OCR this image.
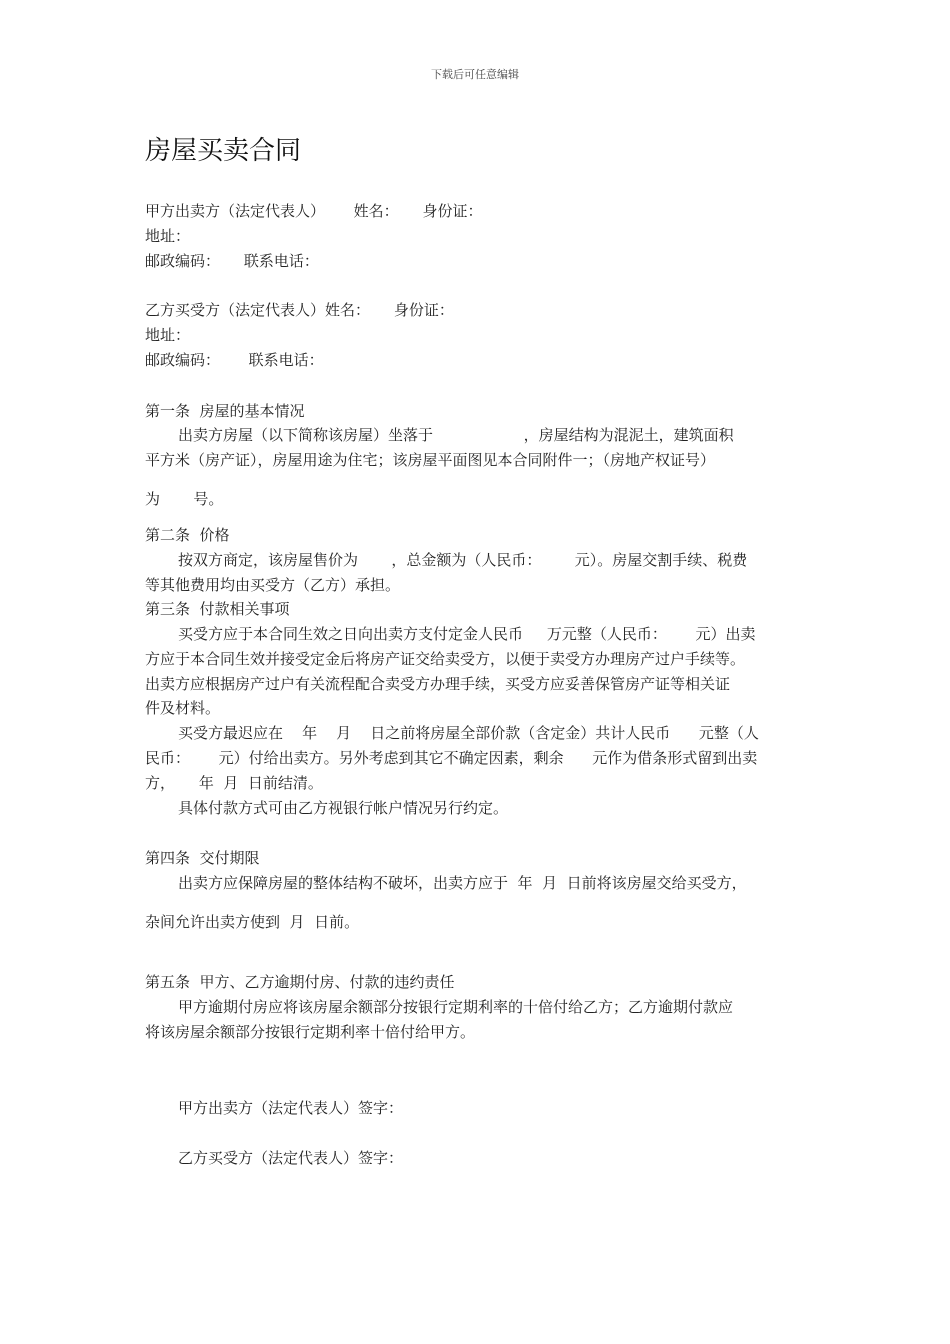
下载后可任意编辑
房屋买卖合同
甲方出卖方（法定代表人）      姓名：     身份证：
地址：
邮政编码：     联系电话：
乙方买受方（法定代表人）姓名：     身份证：
地址：
邮政编码：      联系电话：
第一条  房屋的基本情况
出卖方房屋（以下简称该房屋）坐落于                   ，房屋结构为混泥土，建筑面积
平方米（房产证），房屋用途为住宅；该房屋平面图见本合同附件一；（房地产权证号）
为       号。
第二条  价格
按双方商定，该房屋售价为       ，总金额为（人民币：       元）。房屋交割手续、税费
等其他费用均由买受方（乙方）承担。
第三条  付款相关事项
买受方应于本合同生效之日向出卖方支付定金人民币     万元整（人民币：      元）出卖
方应于本合同生效并接受定金后将房产证交给卖受方，以便于卖受方办理房产过户手续等。
出卖方应根据房产过户有关流程配合卖受方办理手续，买受方应妥善保管房产证等相关证
件及材料。
买受方最迟应在    年    月    日之前将房屋全部价款（含定金）共计人民币      元整（人
民币：      元）付给出卖方。另外考虑到其它不确定因素，剩余      元作为借条形式留到出卖
方，     年  月  日前结清。
具体付款方式可由乙方视银行帐户情况另行约定。
第四条  交付期限
出卖方应保障房屋的整体结构不破坏，出卖方应于  年  月  日前将该房屋交给买受方，
杂间允许出卖方使到  月  日前。
第五条  甲方、乙方逾期付房、付款的违约责任
甲方逾期付房应将该房屋余额部分按银行定期利率的十倍付给乙方；乙方逾期付款应
将该房屋余额部分按银行定期利率十倍付给甲方。
甲方出卖方（法定代表人）签字：
乙方买受方（法定代表人）签字：
